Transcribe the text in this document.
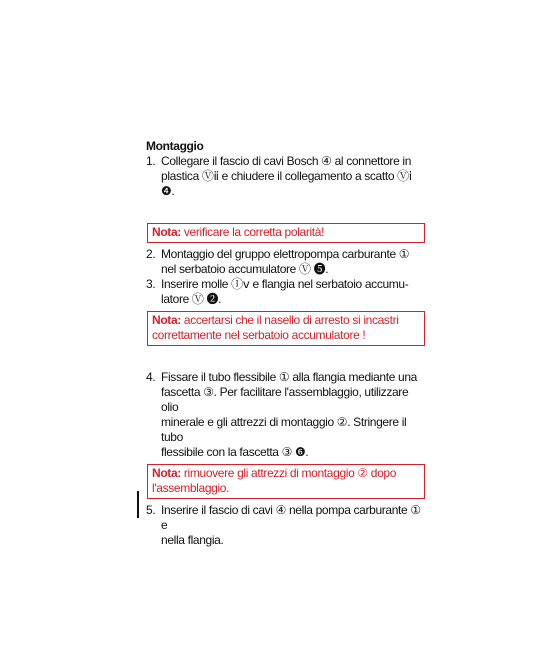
Montaggio
1. Collegare il fascio di cavi Bosch ④ al connettore in
plastica Ⓥⅱ e chiudere il collegamento a scatto Ⓥⅰ ❹.
Nota: verificare la corretta polarità!
2. Montaggio del gruppo elettropompa carburante ①
nel serbatoio accumulatore Ⓥ ❺.
3. Inserire molle Ⓘⅴ e flangia nel serbatoio accumu-
latore Ⓥ ❷.
Nota: accertarsi che il nasello di arresto si incastri
correttamente nel serbatoio accumulatore !
4. Fissare il tubo flessibile ① alla flangia mediante una
fascetta ③. Per facilitare l'assemblaggio, utilizzare olio
minerale e gli attrezzi di montaggio ②. Stringere il tubo
flessibile con la fascetta ③ ❻.
Nota: rimuovere gli attrezzi di montaggio ② dopo
l'assemblaggio.
5. Inserire il fascio di cavi ④ nella pompa carburante ① e
nella flangia.
